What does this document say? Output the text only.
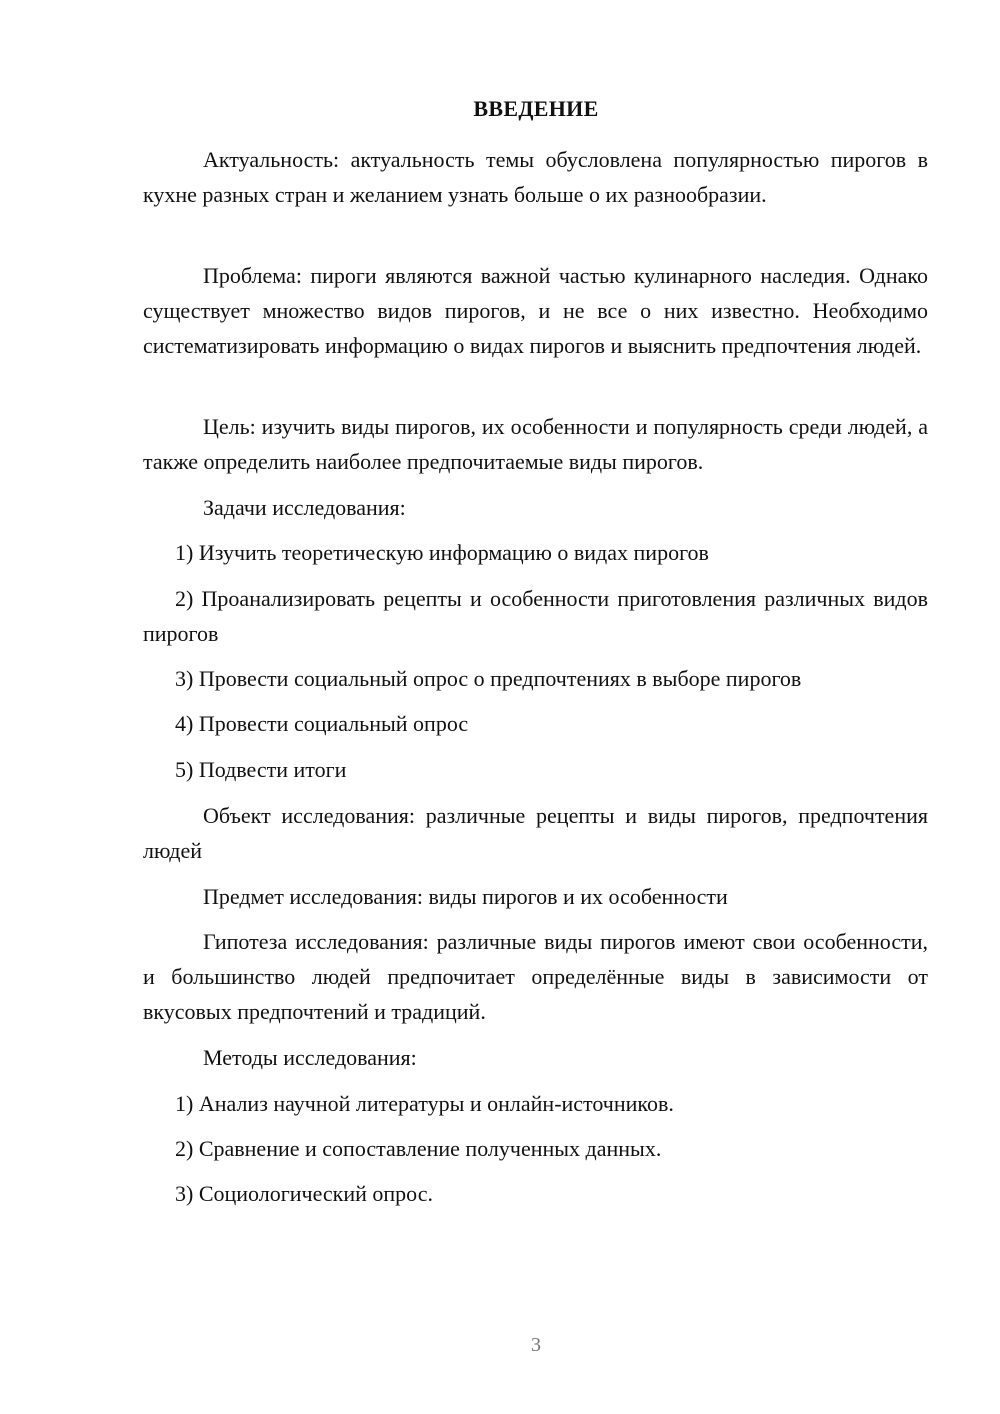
ВВЕДЕНИЕ

Актуальность: актуальность темы обусловлена популярностью пирогов в кухне разных стран и желанием узнать больше о их разнообразии.

Проблема: пироги являются важной частью кулинарного наследия. Однако существует множество видов пирогов, и не все о них известно. Необходимо систематизировать информацию о видах пирогов и выяснить предпочтения людей.

Цель: изучить виды пирогов, их особенности и популярность среди людей, а также определить наиболее предпочитаемые виды пирогов.

Задачи исследования:

1) Изучить теоретическую информацию о видах пирогов

2) Проанализировать рецепты и особенности приготовления различных видов пирогов

3) Провести социальный опрос о предпочтениях в выборе пирогов

4) Провести социальный опрос

5) Подвести итоги

Объект исследования: различные рецепты и виды пирогов, предпочтения людей

Предмет исследования: виды пирогов и их особенности

Гипотеза исследования: различные виды пирогов имеют свои особенности, и большинство людей предпочитает определённые виды в зависимости от вкусовых предпочтений и традиций.

Методы исследования:

1) Анализ научной литературы и онлайн-источников.

2) Сравнение и сопоставление полученных данных.

3) Социологический опрос.

3
